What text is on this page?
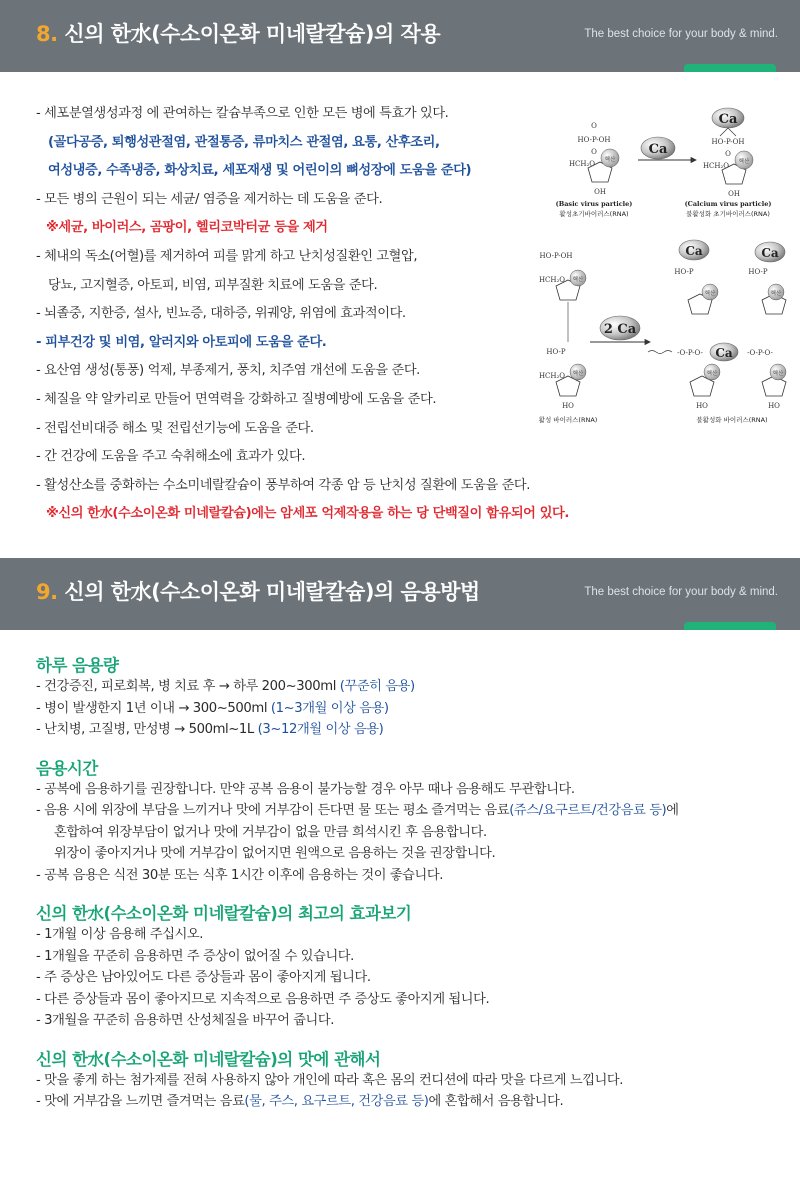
8. 신의 한水(수소이온화 미네랄칼슘)의 작용	The best choice for your body & mind.
- 세포분열생성과정 에 관여하는 칼슘부족으로 인한 모든 병에 특효가 있다.
(골다공증, 퇴행성관절염, 관절통증, 류마치스 관절염, 요통, 산후조리,
여성냉증, 수족냉증, 화상치료, 세포재생 및 어린이의 뼈성장에 도움을 준다)
- 모든 병의 근원이 되는 세균/ 염증을 제거하는 데 도움을 준다.
※세균, 바이러스, 곰팡이, 헬리코박터균 등을 제거
- 체내의 독소(어혈)를 제거하여 피를 맑게 하고 난치성질환인 고혈압,
당뇨, 고지혈증, 아토피, 비염, 피부질환 치료에 도움을 준다.
- 뇌졸중, 지한증, 설사, 빈뇨증, 대하증, 위궤양, 위염에 효과적이다.
- 피부건강 및 비염, 알러지와 아토피에 도움을 준다.
- 요산염 생성(통풍) 억제, 부종제거, 풍치, 치주염 개선에 도움을 준다.
- 체질을 약 알카리로 만들어 면역력을 강화하고 질병예방에 도움을 준다.
- 전립선비대증 해소 및 전립선기능에 도움을 준다.
- 간 건강에 도움을 주고 숙취해소에 효과가 있다.
- 활성산소를 중화하는 수소미네랄칼슘이 풍부하여 각종 암 등 난치성 질환에 도움을 준다.
※신의 한水(수소이온화 미네랄칼슘)에는 암세포 억제작용을 하는 당 단백질이 함유되어 있다.
O
HO-P-OH
O
HCH₂O 핵산
OH
(Basic virus particle)
활성초기바이러스(RNA)
Ca
Ca
HO-P-OH
O
HCH₂O 핵산
OH
(Calcium virus particle)
불활성화 초기바이러스(RNA)
HO-P-OH
HCH₂O 핵산
HO-P
HCH₂O 핵산
HO
2 Ca
Ca	Ca
HO-P	HO-P
핵산	핵산
-O-P-O- Ca -O-P-O-
핵산	핵산
HO	HO
활성 바이러스(RNA)	불활성화 바이러스(RNA)
9. 신의 한水(수소이온화 미네랄칼슘)의 음용방법	The best choice for your body & mind.
하루 음용량
- 건강증진, 피로회복, 병 치료 후 → 하루 200~300ml (꾸준히 음용)
- 병이 발생한지 1년 이내 → 300~500ml (1~3개월 이상 음용)
- 난치병, 고질병, 만성병 → 500ml~1L (3~12개월 이상 음용)
음용시간
- 공복에 음용하기를 권장합니다. 만약 공복 음용이 불가능할 경우 아무 때나 음용해도 무관합니다.
- 음용 시에 위장에 부담을 느끼거나 맛에 거부감이 든다면 물 또는 평소 즐겨먹는 음료(쥬스/요구르트/건강음료 등)에
혼합하여 위장부담이 없거나 맛에 거부감이 없을 만큼 희석시킨 후 음용합니다.
위장이 좋아지거나 맛에 거부감이 없어지면 원액으로 음용하는 것을 권장합니다.
- 공복 음용은 식전 30분 또는 식후 1시간 이후에 음용하는 것이 좋습니다.
신의 한水(수소이온화 미네랄칼슘)의 최고의 효과보기
- 1개월 이상 음용해 주십시오.
- 1개월을 꾸준히 음용하면 주 증상이 없어질 수 있습니다.
- 주 증상은 남아있어도 다른 증상들과 몸이 좋아지게 됩니다.
- 다른 증상들과 몸이 좋아지므로 지속적으로 음용하면 주 증상도 좋아지게 됩니다.
- 3개월을 꾸준히 음용하면 산성체질을 바꾸어 줍니다.
신의 한水(수소이온화 미네랄칼슘)의 맛에 관해서
- 맛을 좋게 하는 첨가제를 전혀 사용하지 않아 개인에 따라 혹은 몸의 컨디션에 따라 맛을 다르게 느낍니다.
- 맛에 거부감을 느끼면 즐겨먹는 음료(물, 주스, 요구르트, 건강음료 등)에 혼합해서 음용합니다.
